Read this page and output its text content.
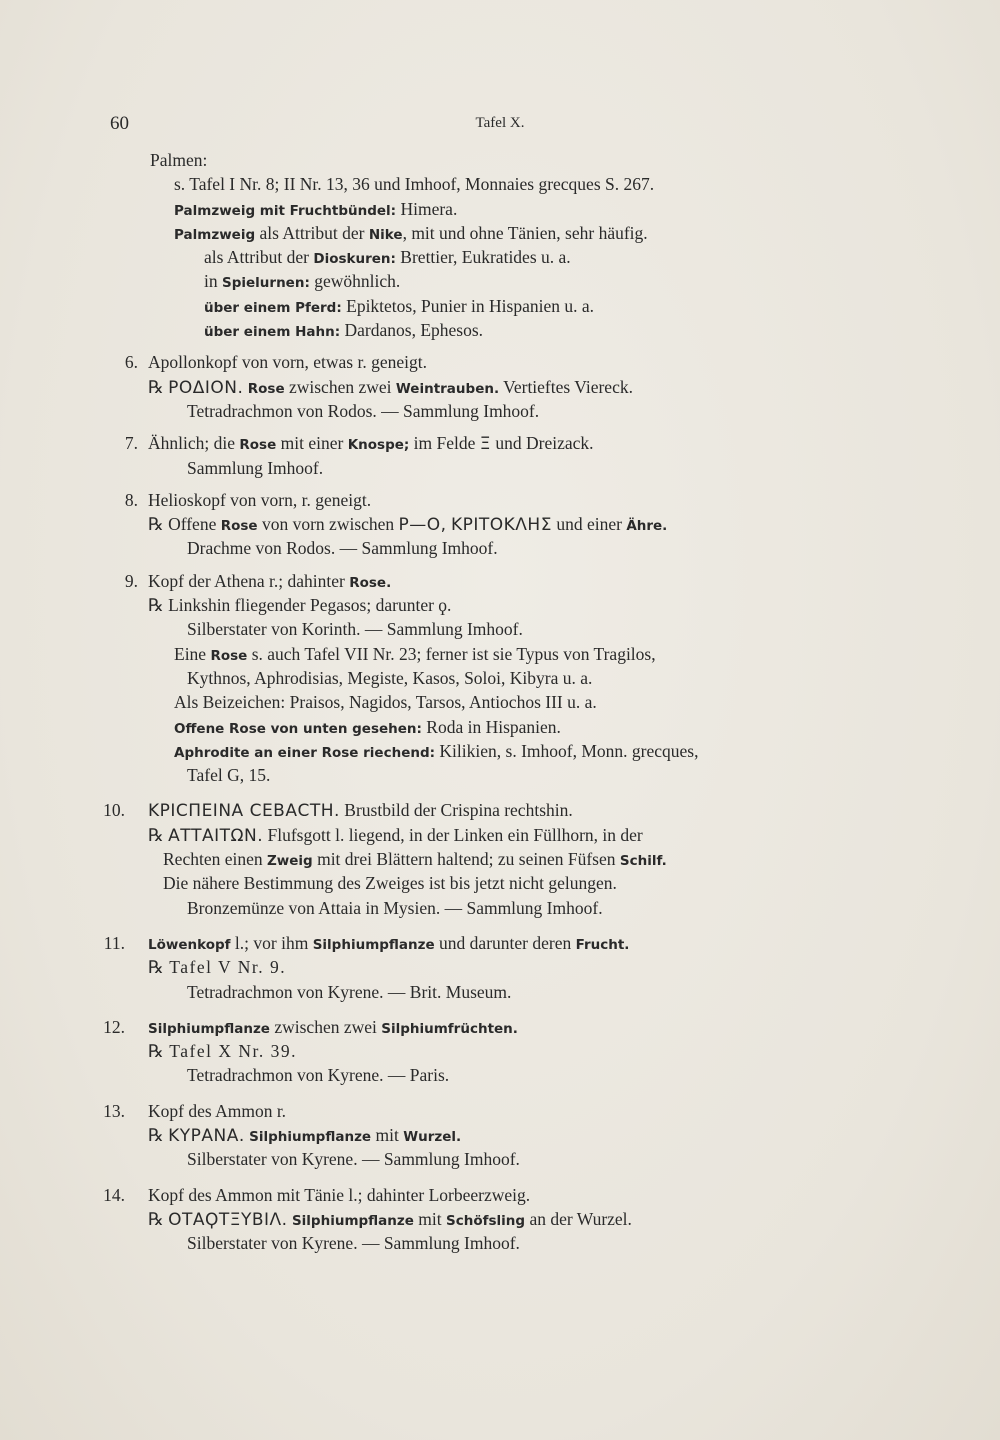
60	Tafel X.
Palmen:
s. Tafel I Nr. 8; II Nr. 13, 36 und Imhoof, Monnaies grecques S. 267.
Palmzweig mit Fruchtbündel: Himera.
Palmzweig als Attribut der Nike, mit und ohne Tänien, sehr häufig.
als Attribut der Dioskuren: Brettier, Eukratides u. a.
in Spielurnen: gewöhnlich.
über einem Pferd: Epiktetos, Punier in Hispanien u. a.
über einem Hahn: Dardanos, Ephesos.
6. Apollonkopf von vorn, etwas r. geneigt.
℞ ΡΟΔΙΟΝ. Rose zwischen zwei Weintrauben. Vertieftes Viereck.
Tetradrachmon von Rodos. — Sammlung Imhoof.
7. Ähnlich; die Rose mit einer Knospe; im Felde Ξ und Dreizack.
Sammlung Imhoof.
8. Helioskopf von vorn, r. geneigt.
℞ Offene Rose von vorn zwischen Ρ—Ο, ΚΡΙΤΟΚΛΗΣ und einer Ähre.
Drachme von Rodos. — Sammlung Imhoof.
9. Kopf der Athena r.; dahinter Rose.
℞ Linkshin fliegender Pegasos; darunter ϙ.
Silberstater von Korinth. — Sammlung Imhoof.
Eine Rose s. auch Tafel VII Nr. 23; ferner ist sie Typus von Tragilos,
Kythnos, Aphrodisias, Megiste, Kasos, Soloi, Kibyra u. a.
Als Beizeichen: Praisos, Nagidos, Tarsos, Antiochos III u. a.
Offene Rose von unten gesehen: Roda in Hispanien.
Aphrodite an einer Rose riechend: Kilikien, s. Imhoof, Monn. grecques,
Tafel G, 15.
10. ΚΡΙϹΠΕΙΝΑ ϹΕΒΑϹΤΗ. Brustbild der Crispina rechtshin.
℞ ΑΤΤΑΙΤΩΝ. Flufsgott l. liegend, in der Linken ein Füllhorn, in der
Rechten einen Zweig mit drei Blättern haltend; zu seinen Füfsen Schilf.
Die nähere Bestimmung des Zweiges ist bis jetzt nicht gelungen.
Bronzemünze von Attaia in Mysien. — Sammlung Imhoof.
11. Löwenkopf l.; vor ihm Silphiumpflanze und darunter deren Frucht.
℞ Tafel V Nr. 9.
Tetradrachmon von Kyrene. — Brit. Museum.
12. Silphiumpflanze zwischen zwei Silphiumfrüchten.
℞ Tafel X Nr. 39.
Tetradrachmon von Kyrene. — Paris.
13. Kopf des Ammon r.
℞ ΚΥΡΑΝΑ. Silphiumpflanze mit Wurzel.
Silberstater von Kyrene. — Sammlung Imhoof.
14. Kopf des Ammon mit Tänie l.; dahinter Lorbeerzweig.
℞ ΟΤΑϘΤΞΥΒΙΛ. Silphiumpflanze mit Schöfsling an der Wurzel.
Silberstater von Kyrene. — Sammlung Imhoof.
